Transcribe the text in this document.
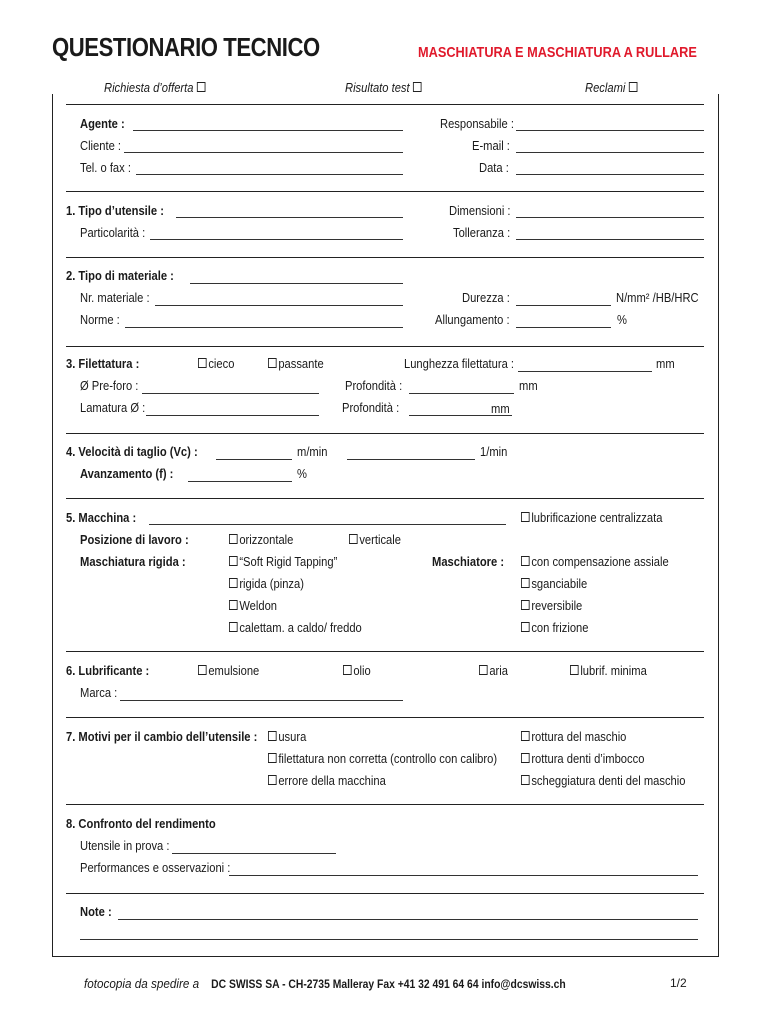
QUESTIONARIO TECNICO	MASCHIATURA E MASCHIATURA A RULLARE
Richiesta d’offerta	Risultato test	Reclami
Agente :
Cliente :
Tel. o fax :
Responsabile :
E-mail :
Data :
1. Tipo d’utensile :
Particolarità :
Dimensioni :
Tolleranza :
2. Tipo di materiale :
Nr. materiale :
Norme :
Durezza :	N/mm² /HB/HRC
Allungamento :	%
3. Filettatura :	cieco	passante	Lunghezza filettatura :	mm
Ø Pre-foro :	Profondità :	mm
Lamatura Ø :	Profondità :	mm
4. Velocità di taglio (Vc) :	m/min	1/min
Avanzamento (f) :	%
5. Macchina :	lubrificazione centralizzata
Posizione di lavoro :	orizzontale	verticale
Maschiatura rigida :	“Soft Rigid Tapping”
rigida (pinza)
Weldon
calettam. a caldo/ freddo
Maschiatore :	con compensazione assiale
sganciabile
reversibile
con frizione
6. Lubrificante :	emulsione	olio	aria	lubrif. minima
Marca :
7. Motivi per il cambio dell’utensile :	usura
filettatura non corretta (controllo con calibro)
errore della macchina
rottura del maschio
rottura denti d’imbocco
scheggiatura denti del maschio
8. Confronto del rendimento
Utensile in prova :
Performances e osservazioni :
Note :
fotocopia da spedire a DC SWISS SA - CH-2735 Malleray Fax +41 32 491 64 64 info@dcswiss.ch	1/2
